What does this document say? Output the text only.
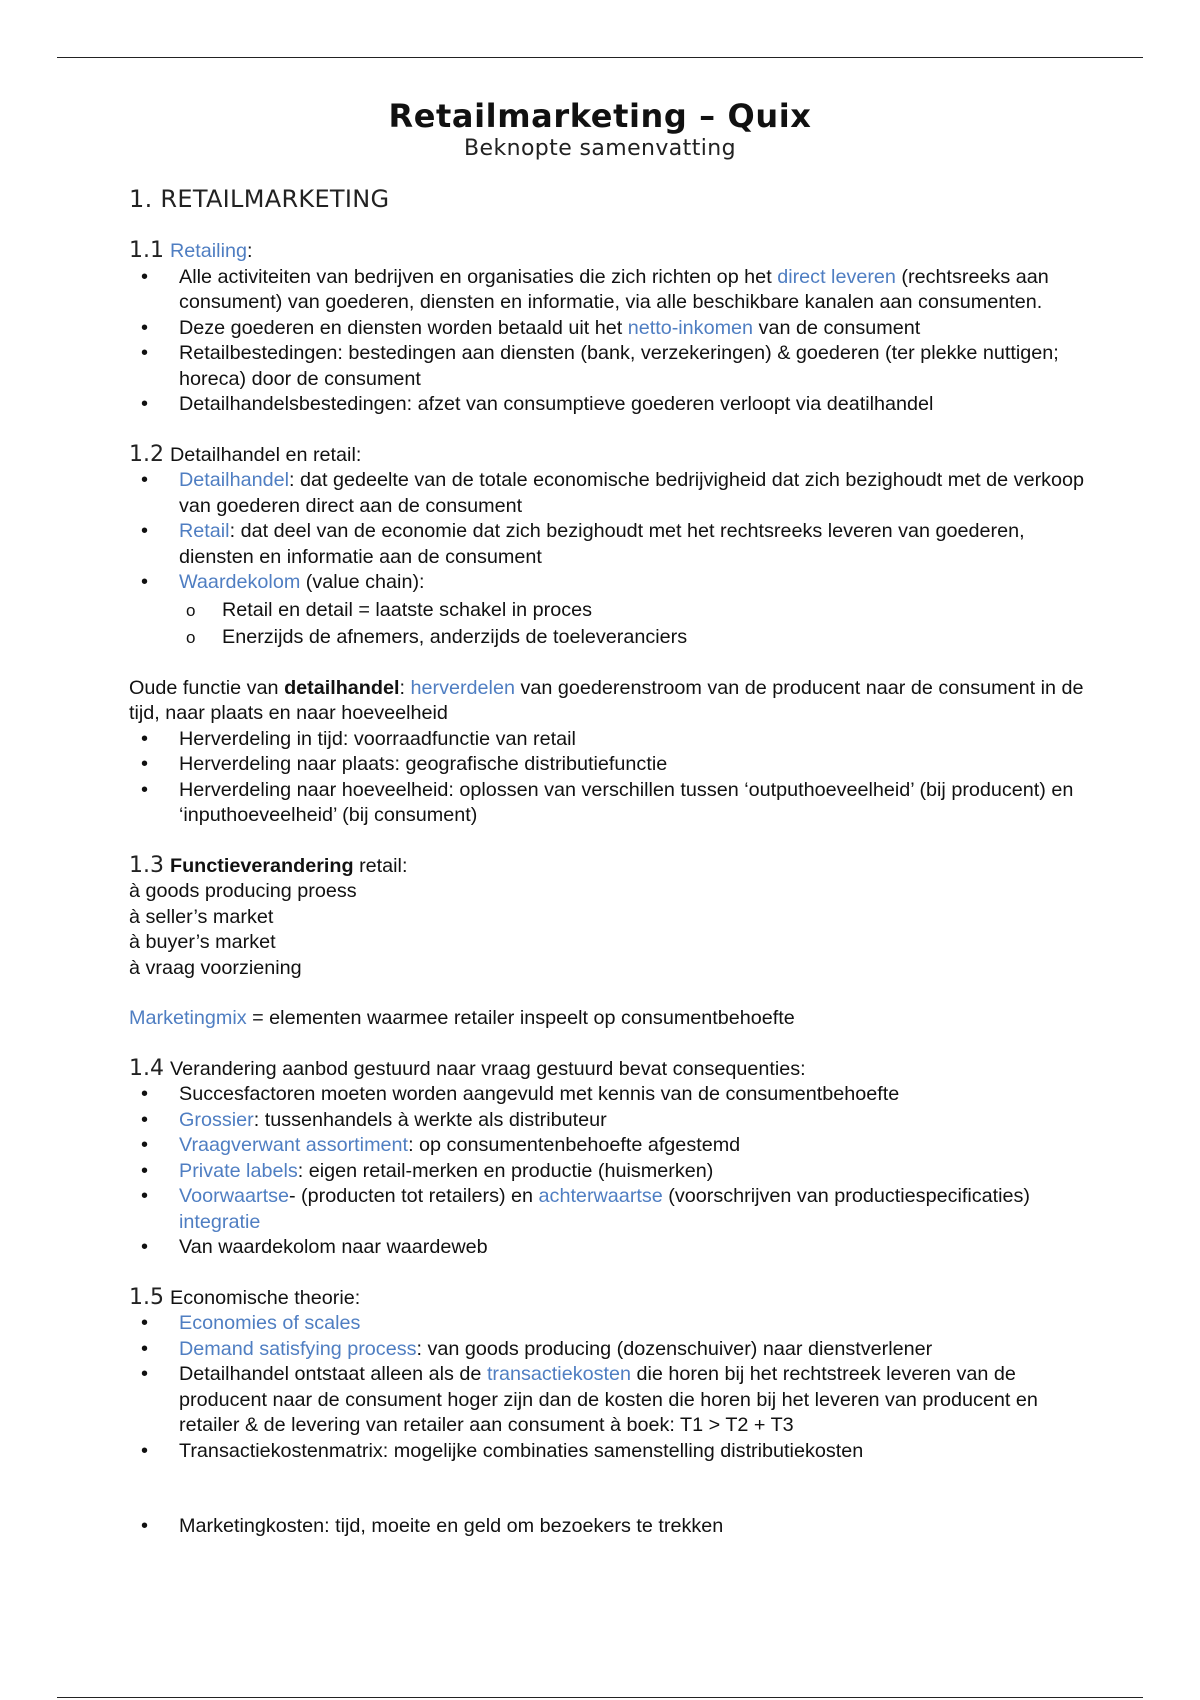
Retailmarketing – Quix
Beknopte samenvatting
1. RETAILMARKETING

1.1 Retailing:

• Alle activiteiten van bedrijven en organisaties die zich richten op het direct leveren (rechtsreeks aan consument) van goederen, diensten en informatie, via alle beschikbare kanalen aan consumenten.
• Deze goederen en diensten worden betaald uit het netto-inkomen van de consument
• Retailbestedingen: bestedingen aan diensten (bank, verzekeringen) & goederen (ter plekke nuttigen; horeca) door de consument
• Detailhandelsbestedingen: afzet van consumptieve goederen verloopt via deatilhandel

1.2 Detailhandel en retail:

• Detailhandel: dat gedeelte van de totale economische bedrijvigheid dat zich bezighoudt met de verkoop van goederen direct aan de consument
• Retail: dat deel van de economie dat zich bezighoudt met het rechtsreeks leveren van goederen, diensten en informatie aan de consument
• Waardekolom (value chain):
o Retail en detail = laatste schakel in proces
o Enerzijds de afnemers, anderzijds de toeleveranciers

Oude functie van detailhandel: herverdelen van goederenstroom van de producent naar de consument in de tijd, naar plaats en naar hoeveelheid

• Herverdeling in tijd: voorraadfunctie van retail
• Herverdeling naar plaats: geografische distributiefunctie
• Herverdeling naar hoeveelheid: oplossen van verschillen tussen ‘outputhoeveelheid’ (bij producent) en ‘inputhoeveelheid’ (bij consument)

1.3 Functieverandering retail:

à goods producing proess

à seller’s market

à buyer’s market

à vraag voorziening

Marketingmix = elementen waarmee retailer inspeelt op consumentbehoefte

1.4 Verandering aanbod gestuurd naar vraag gestuurd bevat consequenties:

• Succesfactoren moeten worden aangevuld met kennis van de consumentbehoefte
• Grossier: tussenhandels à werkte als distributeur
• Vraagverwant assortiment: op consumentenbehoefte afgestemd
• Private labels: eigen retail-merken en productie (huismerken)
• Voorwaartse- (producten tot retailers) en achterwaartse (voorschrijven van productiespecificaties) integratie
• Van waardekolom naar waardeweb

1.5 Economische theorie:

• Economies of scales
• Demand satisfying process: van goods producing (dozenschuiver) naar dienstverlener
• Detailhandel ontstaat alleen als de transactiekosten die horen bij het rechtstreek leveren van de producent naar de consument hoger zijn dan de kosten die horen bij het leveren van producent en retailer & de levering van retailer aan consument à boek: T1 > T2 + T3
• Transactiekostenmatrix: mogelijke combinaties samenstelling distributiekosten
• Marketingkosten: tijd, moeite en geld om bezoekers te trekken
